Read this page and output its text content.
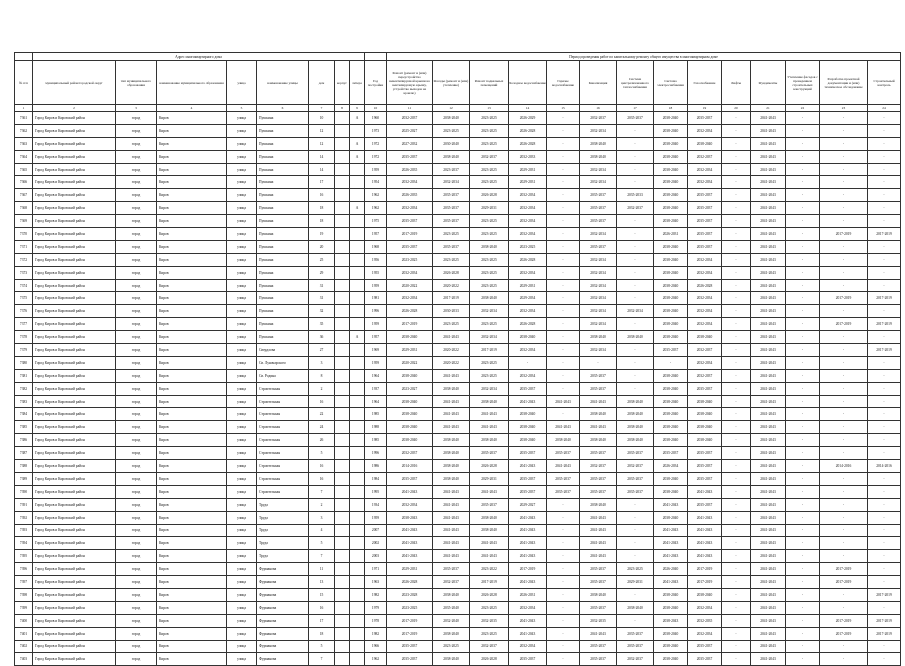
	Адрес многоквартирного дома									Период проведения работ по капитальному ремонту общего имущества в многоквартирном доме													
№ п/п	муниципальный район/городской округ	тип муниципального образования	наименование муниципального образования	улица	наименование улицы	дом	корпус	литера	Год постройки	Ремонт (ремонт и (или) переустройство невентилируемой крыши на вентилируемую крышу, устройство выходов на кровлю)	Фасады (ремонт и (или) утепление)	Ремонт подвальных помещений	Холодное водоснабжение	Горячее водоснабжение	Канализация	Система централизованного теплоснабжения	Система электроснабжения	Газоснабжение	Лифты	Фундаменты	Утепление фасадов с проведением строительных конструкций	Разработка проектной документации и (или) техническое обследование	Строительный контроль
1	2	3	4	5	6	7	8	9	10	11	12	13	14	15	16	17	18	19	20	21	22	23	24
7361	Город Киров и Кировский район	город	Киров	улица	Пушкина	10		А	1960	2032-2037	2038-2040	2023-2025	2026-2029	-	2032-2037	2035-2037	2038-2040	2035-2037	-	2041-2043	-	-	-
7362	Город Киров и Кировский район	город	Киров	улица	Пушкина	12			1973	2025-2027	2023-2025	2023-2025	2026-2028	-	2032-2034	-	2038-2040	2032-2034	-	2041-2043	-	-	-
7363	Город Киров и Кировский район	город	Киров	улица	Пушкина	12		А	1972	2027-2032	2030-2040	2023-2025	2026-2028	-	2038-2040	-	2038-2040	2038-2040	-	2041-2043	-	-	-
7364	Город Киров и Кировский район	город	Киров	улица	Пушкина	14		А	1972	2035-2037	2038-2040	2032-2037	2032-2033	-	2038-2040	-	2038-2040	2032-2037	-	2041-2043	-	-	-
7365	Город Киров и Кировский район	город	Киров	улица	Пушкина	14			1959	2026-2035	2023-2037	2023-2025	2029-2031	-	2032-2034	-	2038-2040	2032-2034	-	2041-2043	-	-	-
7366	Город Киров и Кировский район	город	Киров	улица	Пушкина	17			1954	2032-2034	2032-2034	2023-2025	2029-2031	-	2032-2034	-	2038-2040	2032-2034	-	2041-2043	-	-	-
7367	Город Киров и Кировский район	город	Киров	улица	Пушкина	16			1962	2026-2035	2035-2037	2026-2028	2032-2034	-	2035-2037	2035-2033	2038-2040	2035-2037	-	2041-2043	-	-	-
7368	Город Киров и Кировский район	город	Киров	улица	Пушкина	18		А	1962	2032-2034	2035-2037	2029-2031	2032-2034	-	2035-2037	2032-2037	2038-2040	2035-2037	-	2041-2043	-	-	-
7369	Город Киров и Кировский район	город	Киров	улица	Пушкина	18			1975	2035-2037	2035-2037	2023-2025	2032-2034	-	2035-2037	-	2038-2040	2035-2037	-	2041-2043	-	-	-
7370	Город Киров и Кировский район	город	Киров	улица	Пушкина	19			1957	2017-2019	2023-2025	2023-2025	2032-2034	-	2032-2034	-	2026-2031	2035-2037	-	2041-2043	-	2017-2019	2017-2019
7371	Город Киров и Кировский район	город	Киров	улица	Пушкина	20			1968	2035-2037	2035-2037	2038-2040	2023-2025	-	2035-2037	-	2038-2040	2035-2037	-	2041-2043	-	-	-
7372	Город Киров и Кировский район	город	Киров	улица	Пушкина	25			1956	2023-2025	2023-2025	2023-2025	2026-2028	-	2032-2034	-	2038-2040	2032-2034	-	2041-2043	-	-	-
7373	Город Киров и Кировский район	город	Киров	улица	Пушкина	29			1955	2032-2034	2026-2028	2023-2025	2032-2034	-	2032-2034	-	2038-2040	2032-2034	-	2041-2043	-	-	-
7374	Город Киров и Кировский район	город	Киров	улица	Пушкина	31			1959	2020-2022	2020-2022	2023-2025	2029-2031	-	2032-2034	-	2038-2040	2026-2028	-	2041-2043	-	-	-
7375	Город Киров и Кировский район	город	Киров	улица	Пушкина	31			1981	2032-2034	2017-2019	2038-2040	2029-2034	-	2032-2034	-	2038-2040	2032-2034	-	2041-2043	-	2017-2019	2017-2019
7376	Город Киров и Кировский район	город	Киров	улица	Пушкина	32			1996	2026-2028	2030-2033	2032-2034	2032-2034	-	2032-2034	2032-2034	2038-2040	2032-2034	-	2041-2043	-	-	-
7377	Город Киров и Кировский район	город	Киров	улица	Пушкина	35			1959	2017-2019	2023-2025	2023-2025	2026-2028	-	2032-2034	-	2038-2040	2032-2034	-	2041-2043	-	2017-2019	2017-2019
7378	Город Киров и Кировский район	город	Киров	улица	Пушкина	36		А	1957	2038-2040	2041-2043	2032-2034	2038-2040	-	2038-2040	2038-2040	2038-2040	2038-2040	-	2041-2043	-	-	-
7379	Город Киров и Кировский район	город	Киров	улица	Свердлова	27			1969	2029-2031	2020-2022	2017-2019	2032-2034	-	2032-2034	-	2035-2037	2032-2037	-	2041-2043	-	-	2017-2019
7380	Город Киров и Кировский район	город	Киров	улица	Св. Луначарского	3			1959	2020-2022	2020-2022	2023-2025	-	-	-	-	-	2032-2034	-	2041-2043	-	-	-
7381	Город Киров и Кировский район	город	Киров	улица	Св. Родина	8			1964	2038-2040	2041-2043	2023-2025	2032-2034	-	2035-2037	-	2038-2040	2032-2037	-	2041-2043	-	-	-
7382	Город Киров и Кировский район	город	Киров	улица	Строителькая	2			1937	2023-2027	2038-2040	2032-2034	2035-2037	-	2035-2037	-	2038-2040	2035-2037	-	2041-2043	-	-	-
7383	Город Киров и Кировский район	город	Киров	улица	Строителькая	16			1964	2038-2040	2041-2043	2038-2040	2041-2043	2041-2043	2041-2043	2038-2040	2038-2040	2038-2040	-	2041-2043	-	-	-
7384	Город Киров и Кировский район	город	Киров	улица	Строителькая	22			1985	2038-2040	2041-2043	2041-2043	2038-2040	-	2038-2040	2038-2040	2038-2040	2038-2040	-	2041-2043	-	-	-
7385	Город Киров и Кировский район	город	Киров	улица	Строителькая	24			1988	2038-2040	2041-2043	2041-2043	2038-2040	2041-2043	2041-2043	2038-2040	2038-2040	2038-2040	-	2041-2043	-	-	-
7386	Город Киров и Кировский район	город	Киров	улица	Строителькая	26			1985	2038-2040	2038-2040	2038-2040	2038-2040	2038-2040	2038-2040	2038-2040	2038-2040	2038-2040	-	2041-2043	-	-	-
7387	Город Киров и Кировский район	город	Киров	улица	Строителькая	5			1996	2032-2037	2038-2040	2035-2037	2035-2037	2035-2037	2035-2037	2035-2037	2035-2037	2035-2037	-	2041-2043	-	-	-
7388	Город Киров и Кировский район	город	Киров	улица	Строителькая	16			1986	2014-2016	2038-2040	2026-2028	2041-2043	2041-2043	2032-2037	2032-2037	2026-2034	2035-2037	-	2041-2043	-	2014-2016	2014-2016
7389	Город Киров и Кировский район	город	Киров	улица	Строителькая	16			1984	2035-2037	2038-2040	2029-2031	2035-2037	2035-2037	2035-2037	2035-2037	2038-2040	2035-2037	-	2041-2043	-	-	-
7390	Город Киров и Кировский район	город	Киров	улица	Строителькая	7			1995	2041-2043	2041-2043	2041-2043	2035-2037	2035-2037	2035-2037	2035-2037	2038-2040	2041-2043	-	2041-2043	-	-	-
7391	Город Киров и Кировский район	город	Киров	улица	Труда	2			1934	2032-2034	2041-2043	2035-2037	2029-2027	-	2038-2040	-	2041-2043	2035-2037	-	2041-2043	-	-	-
7392	Город Киров и Кировский район	город	Киров	улица	Труда	3			1959	2038-2043	2041-2043	2038-2040	2041-2043	-	2041-2043	-	2038-2040	2041-2043	-	2041-2043	-	-	-
7393	Город Киров и Кировский район	город	Киров	улица	Труда	4			2007	2041-2043	2041-2043	2038-2040	2041-2043	-	2041-2043	-	2041-2043	2041-2043	-	2041-2043	-	-	-
7394	Город Киров и Кировский район	город	Киров	улица	Труда	5			2002	2041-2043	2041-2043	2041-2043	2041-2043	-	2041-2043	-	2041-2043	2041-2043	-	2041-2043	-	-	-
7395	Город Киров и Кировский район	город	Киров	улица	Труда	7			2003	2041-2043	2041-2043	2041-2043	2041-2043	-	2041-2043	-	2041-2043	2041-2043	-	2041-2043	-	-	-
7396	Город Киров и Кировский район	город	Киров	улица	Фурманова	11			1971	2029-2031	2035-2037	2023-2022	2017-2019	-	2035-2037	2023-2025	2026-2040	2017-2019	-	2041-2043	-	2017-2019	-
7397	Город Киров и Кировский район	город	Киров	улица	Фурманова	13			1963	2026-2028	2032-2037	2017-2019	2041-2043	-	2035-2037	2029-2031	2041-2043	2017-2019	-	2041-2043	-	2017-2019	-
7398	Город Киров и Кировский район	город	Киров	улица	Фурманова	15			1982	2023-2028	2038-2040	2026-2028	2026-2031	-	2038-2040	-	2038-2040	2038-2040	-	2041-2043	-	-	2017-2019
7399	Город Киров и Кировский район	город	Киров	улица	Фурманова	16			1979	2023-2025	2035-2040	2023-2025	2032-2034	-	2035-2037	2038-2040	2038-2040	2032-2034	-	2041-2043	-	-	-
7400	Город Киров и Кировский район	город	Киров	улица	Фурманова	17			1978	2017-2019	2032-2040	2032-2035	2041-2043	-	2032-2035	-	2038-2043	2032-2035	-	2041-2043	-	2017-2019	2017-2019
7401	Город Киров и Кировский район	город	Киров	улица	Фурманова	18			1982	2017-2019	2038-2040	2023-2025	2041-2043	-	2041-2043	2035-2037	2038-2040	2032-2034	-	2041-2043	-	2017-2019	2017-2019
7402	Город Киров и Кировский район	город	Киров	улица	Фурманова	5			1966	2035-2037	2023-2025	2032-2037	2032-2034	-	2035-2037	2035-2037	2038-2040	2035-2037	-	2041-2043	-	-	-
7403	Город Киров и Кировский район	город	Киров	улица	Фурманова	7			1962	2035-2037	2038-2040	2026-2028	2035-2037	-	2035-2037	2032-2037	2038-2040	2035-2037	-	2041-2043	-	-	-
